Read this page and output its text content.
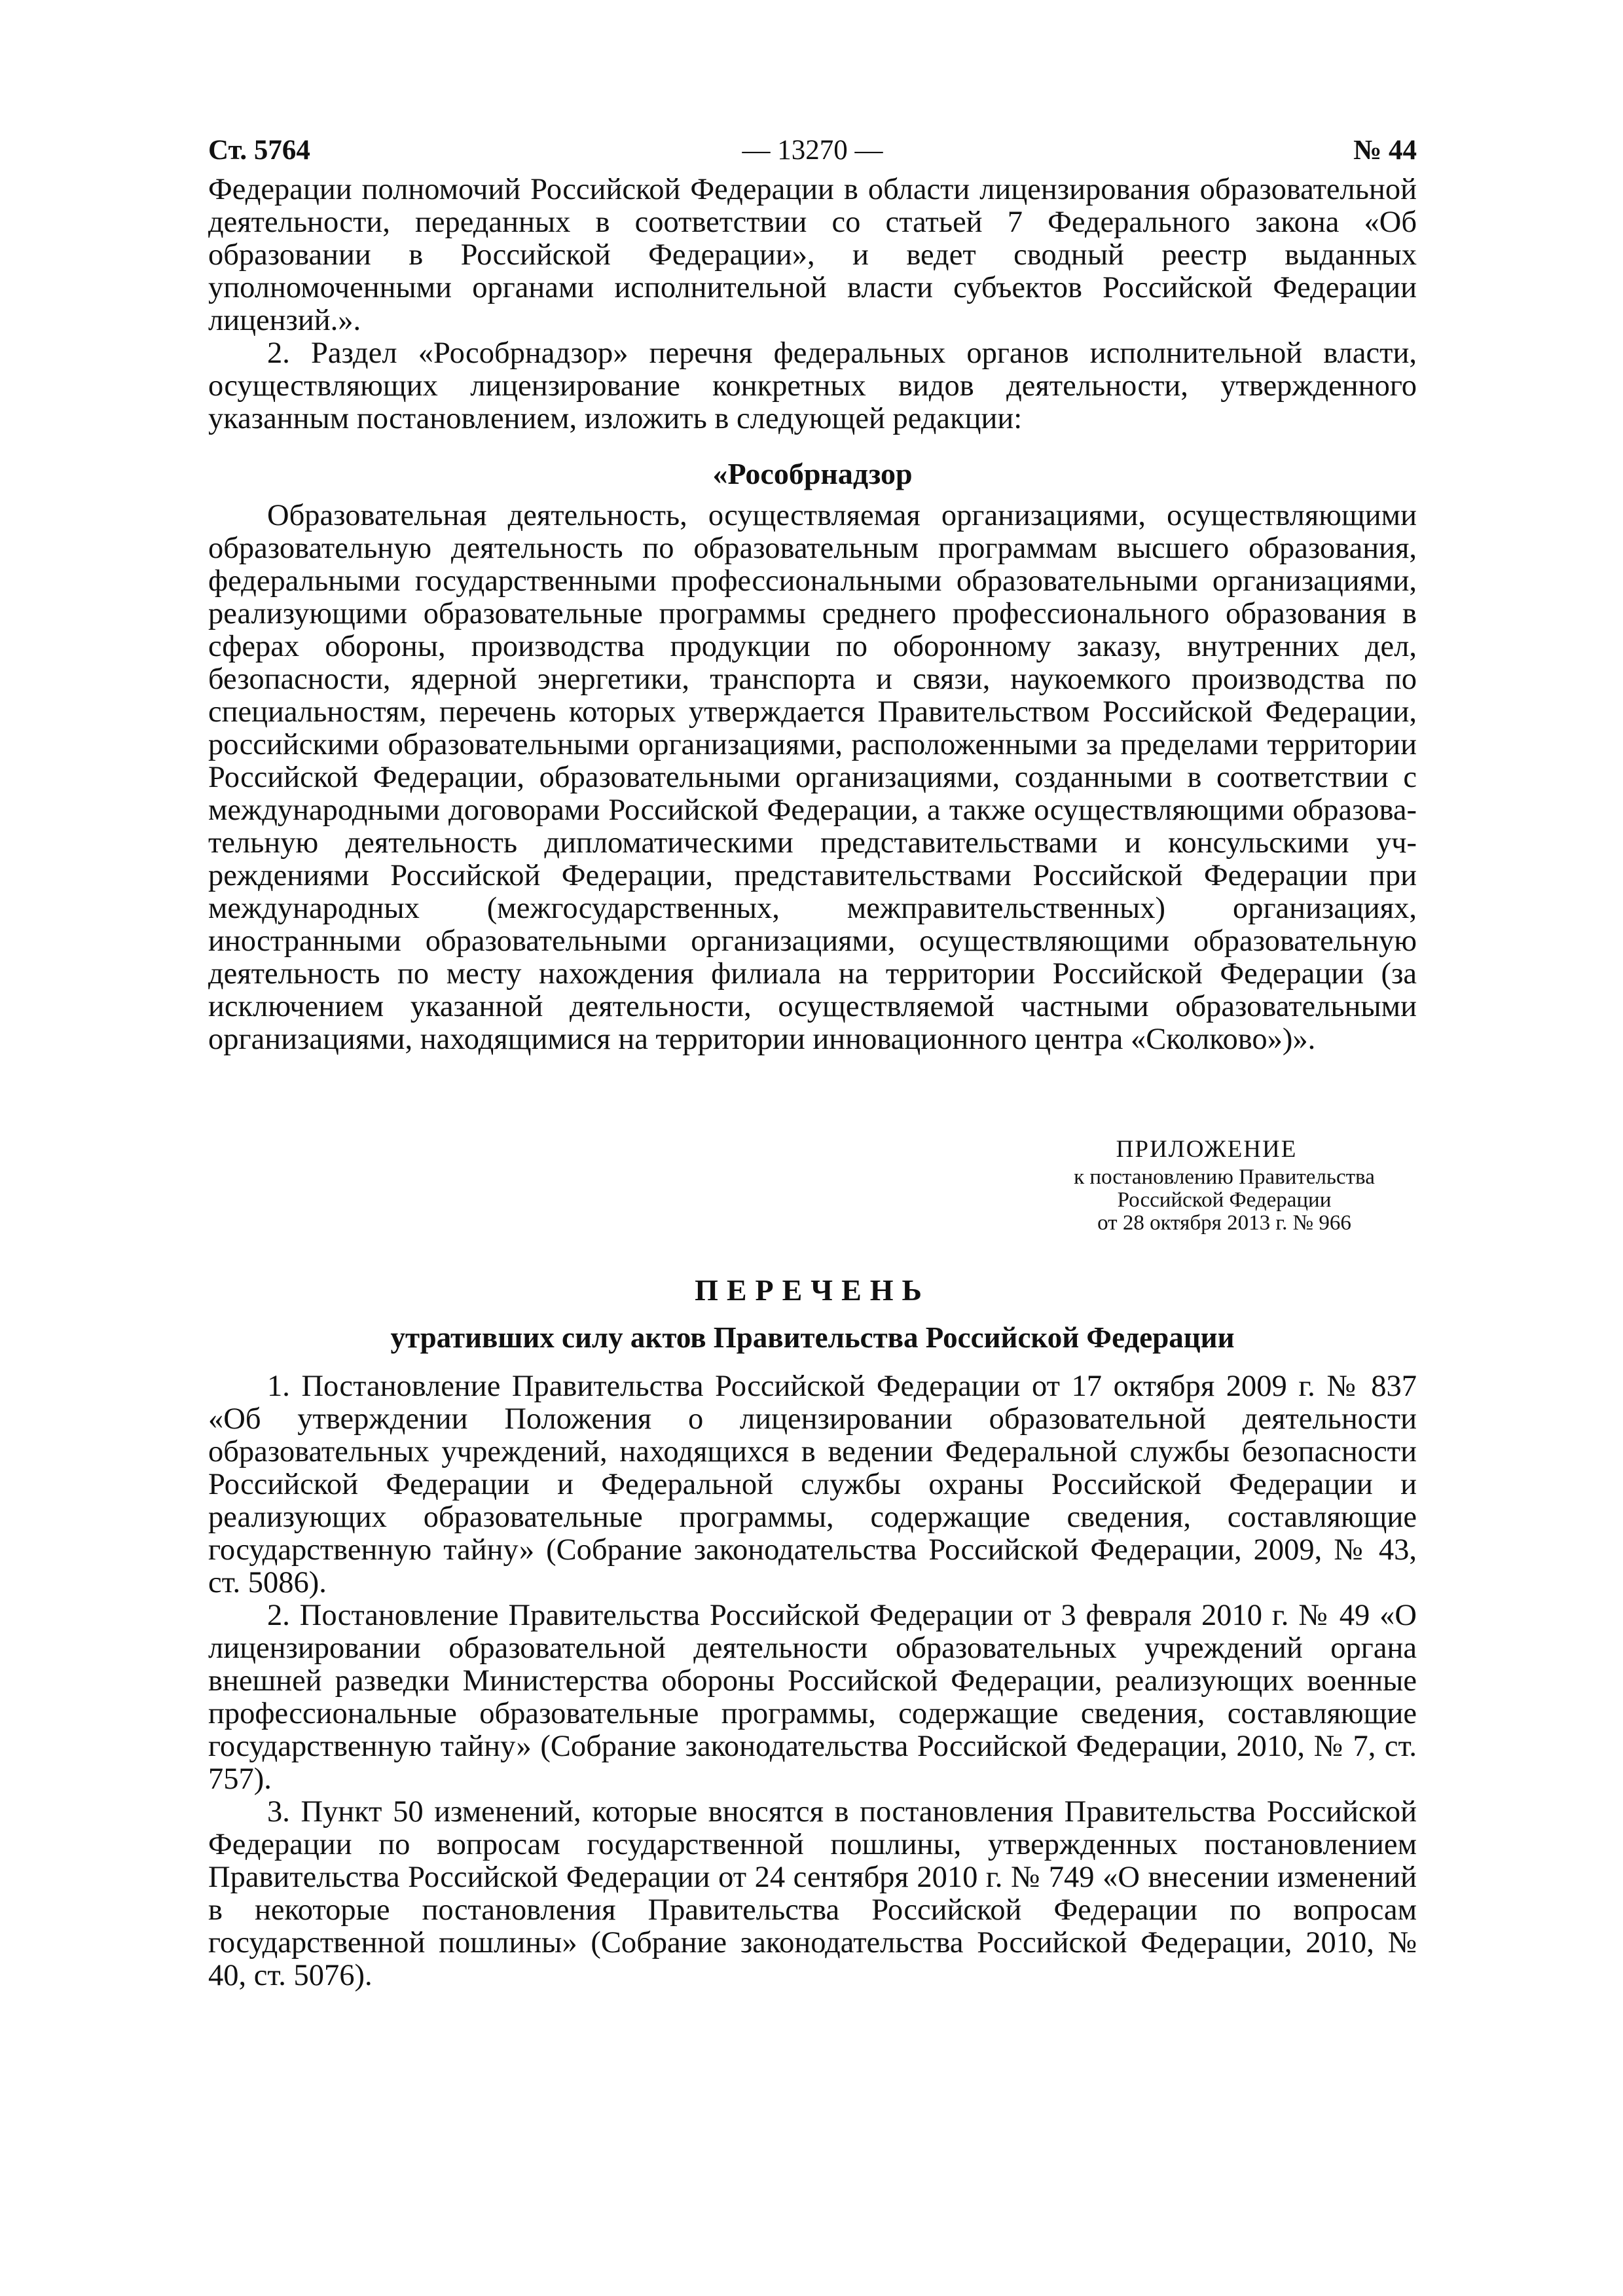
Ст. 5764	— 13270 —	№ 44

Федерации полномочий Российской Федерации в области лицензирования образовательной деятельности, переданных в соответствии со статьей 7 Федерального закона «Об образовании в Российской Федерации», и ведет сводный реестр выданных уполномоченными органами исполнительной власти субъектов Российской Федерации лицензий.».

2. Раздел «Рособрнадзор» перечня федеральных органов исполнительной власти, осуществляющих лицензирование конкретных видов деятельности, утвержденного указанным постановлением, изложить в следующей редакции:

«Рособрнадзор

Образовательная деятельность, осуществляемая организациями, осуществляющими образовательную деятельность по образовательным программам высшего образования, федеральными государственными профессиональными образовательными организациями, реализующими образовательные программы среднего профессионального образования в сферах обороны, производства продукции по оборонному заказу, внутренних дел, безопасности, ядерной энергетики, транспорта и связи, наукоемкого производства по специальностям, перечень которых утверждается Правительством Российской Федерации, российскими образовательными организациями, расположенными за пределами территории Российской Федерации, образовательными организациями, созданными в соответствии с международными договорами Российской Федерации, а также осуществляющими образовательную деятельность дипломатическими представительствами и консульскими учреждениями Российской Федерации, представительствами Российской Федерации при международных (межгосударственных, межправительственных) организациях, иностранными образовательными организациями, осуществляющими образовательную деятельность по месту нахождения филиала на территории Российской Федерации (за исключением указанной деятельности, осуществляемой частными образовательными организациями, находящимися на территории инновационного центра «Сколково»)».

ПРИЛОЖЕНИЕ
к постановлению Правительства
Российской Федерации
от 28 октября 2013 г. № 966
ПЕРЕЧЕНЬ
утративших силу актов Правительства Российской Федерации

1. Постановление Правительства Российской Федерации от 17 октября 2009 г. № 837 «Об утверждении Положения о лицензировании образовательной деятельности образовательных учреждений, находящихся в ведении Федеральной службы безопасности Российской Федерации и Федеральной службы охраны Российской Федерации и реализующих образовательные программы, содержащие сведения, составляющие государственную тайну» (Собрание законодательства Российской Федерации, 2009, № 43, ст. 5086).

2. Постановление Правительства Российской Федерации от 3 февраля 2010 г. № 49 «О лицензировании образовательной деятельности образовательных учреждений органа внешней разведки Министерства обороны Российской Федерации, реализующих военные профессиональные образовательные программы, содержащие сведения, составляющие государственную тайну» (Собрание законодательства Российской Федерации, 2010, № 7, ст. 757).

3. Пункт 50 изменений, которые вносятся в постановления Правительства Российской Федерации по вопросам государственной пошлины, утвержденных постановлением Правительства Российской Федерации от 24 сентября 2010 г. № 749 «О внесении изменений в некоторые постановления Правительства Российской Федерации по вопросам государственной пошлины» (Собрание законодательства Российской Федерации, 2010, № 40, ст. 5076).
